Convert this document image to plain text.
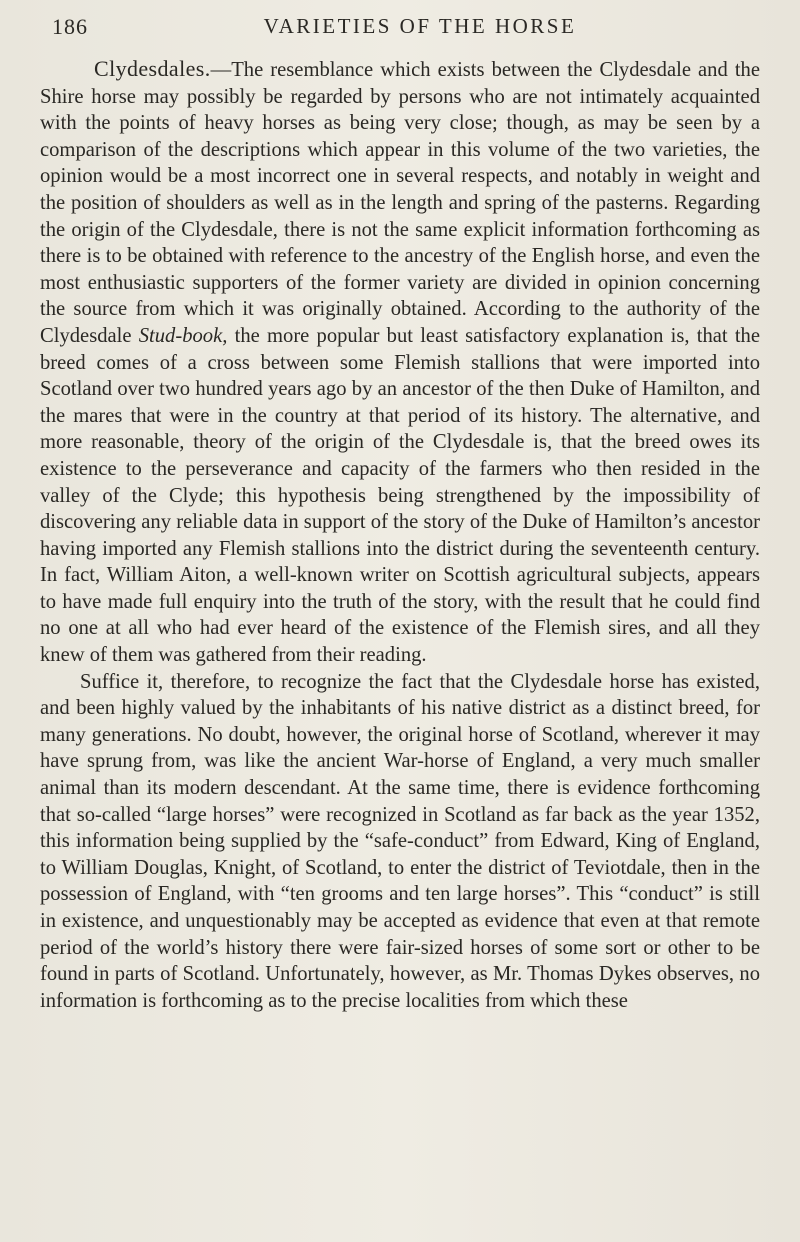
186	VARIETIES OF THE HORSE

Clydesdales.—The resemblance which exists between the Clydesdale and the Shire horse may possibly be regarded by persons who are not intimately acquainted with the points of heavy horses as being very close; though, as may be seen by a comparison of the descriptions which appear in this volume of the two varieties, the opinion would be a most incorrect one in several respects, and notably in weight and the position of shoulders as well as in the length and spring of the pasterns. Regarding the origin of the Clydesdale, there is not the same explicit information forthcoming as there is to be obtained with reference to the ancestry of the English horse, and even the most enthusiastic supporters of the former variety are divided in opinion concerning the source from which it was originally obtained. According to the authority of the Clydesdale Stud-book, the more popular but least satisfactory explanation is, that the breed comes of a cross between some Flemish stallions that were imported into Scotland over two hundred years ago by an ancestor of the then Duke of Hamilton, and the mares that were in the country at that period of its history. The alternative, and more reasonable, theory of the origin of the Clydesdale is, that the breed owes its existence to the perseverance and capacity of the farmers who then resided in the valley of the Clyde; this hypothesis being strengthened by the impossibility of discovering any reliable data in support of the story of the Duke of Hamilton’s ancestor having imported any Flemish stallions into the district during the seventeenth century. In fact, William Aiton, a well-known writer on Scottish agricultural subjects, appears to have made full enquiry into the truth of the story, with the result that he could find no one at all who had ever heard of the existence of the Flemish sires, and all they knew of them was gathered from their reading.

Suffice it, therefore, to recognize the fact that the Clydesdale horse has existed, and been highly valued by the inhabitants of his native district as a distinct breed, for many generations. No doubt, however, the original horse of Scotland, wherever it may have sprung from, was like the ancient War-horse of England, a very much smaller animal than its modern descendant. At the same time, there is evidence forthcoming that so-called “large horses” were recognized in Scotland as far back as the year 1352, this information being supplied by the “safe-conduct” from Edward, King of England, to William Douglas, Knight, of Scotland, to enter the district of Teviotdale, then in the possession of England, with “ten grooms and ten large horses”. This “conduct” is still in existence, and unquestionably may be accepted as evidence that even at that remote period of the world’s history there were fair-sized horses of some sort or other to be found in parts of Scotland. Unfortunately, however, as Mr. Thomas Dykes observes, no information is forthcoming as to the precise localities from which these
